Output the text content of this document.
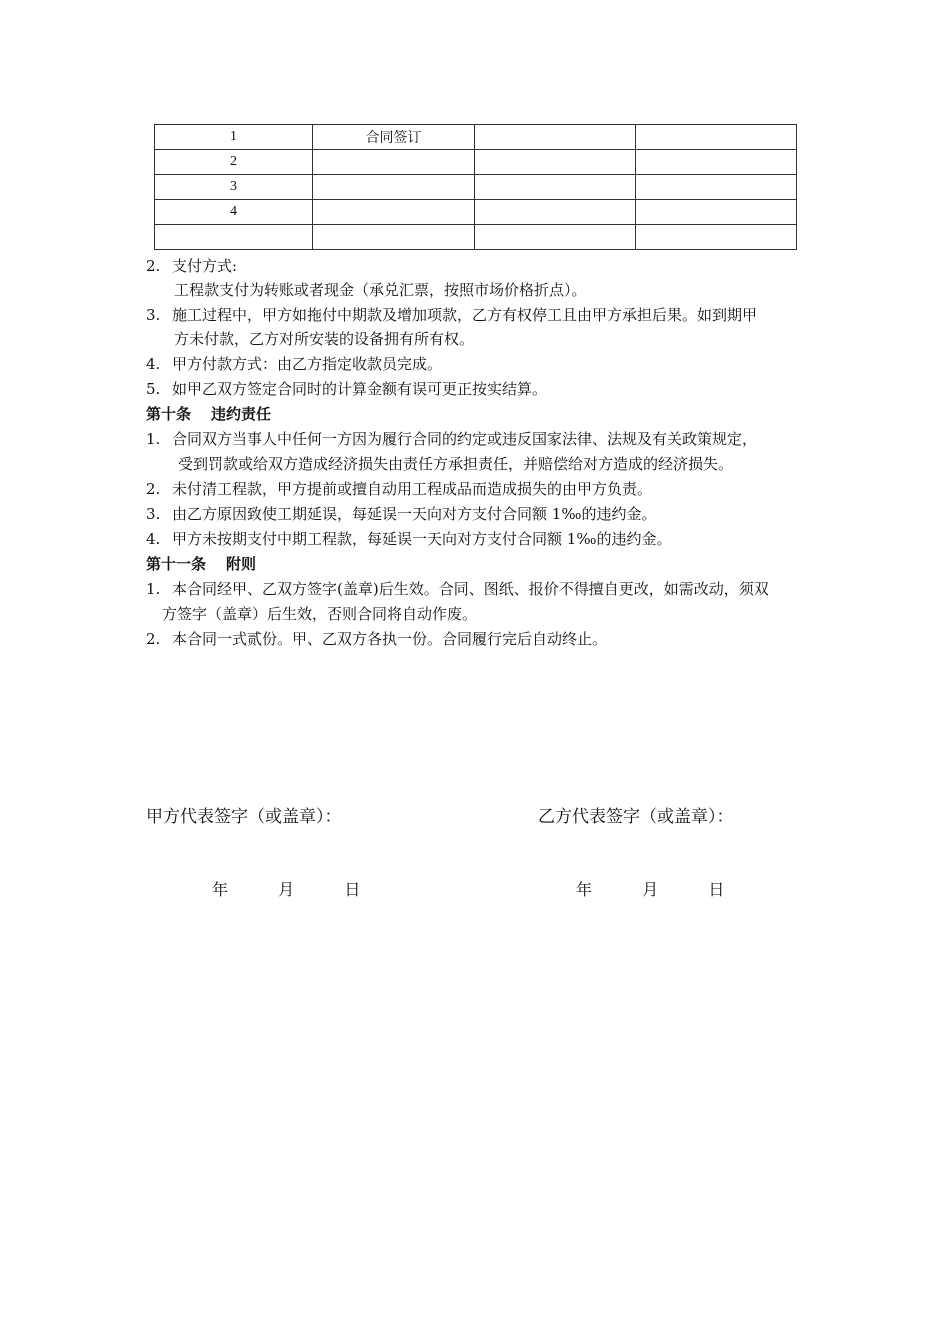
1	合同签订		
2			
3			
4			

2. 支付方式:
工程款支付为转账或者现金（承兑汇票，按照市场价格折点）。
3. 施工过程中，甲方如拖付中期款及增加项款，乙方有权停工且由甲方承担后果。如到期甲
方未付款，乙方对所安装的设备拥有所有权。
4. 甲方付款方式：由乙方指定收款员完成。
5. 如甲乙双方签定合同时的计算金额有误可更正按实结算。
第十条 违约责任
1. 合同双方当事人中任何一方因为履行合同的约定或违反国家法律、法规及有关政策规定，
受到罚款或给双方造成经济损失由责任方承担责任，并赔偿给对方造成的经济损失。
2. 未付清工程款，甲方提前或擅自动用工程成品而造成损失的由甲方负责。
3. 由乙方原因致使工期延误，每延误一天向对方支付合同额 1‰的违约金。
4. 甲方未按期支付中期工程款，每延误一天向对方支付合同额 1‰的违约金。
第十一条 附则
1. 本合同经甲、乙双方签字(盖章)后生效。合同、图纸、报价不得擅自更改，如需改动，须双
方签字（盖章）后生效，否则合同将自动作废。
2. 本合同一式贰份。甲、乙双方各执一份。合同履行完后自动终止。
甲方代表签字（或盖章）：	乙方代表签字（或盖章）：
年	月	日	年	月	日
